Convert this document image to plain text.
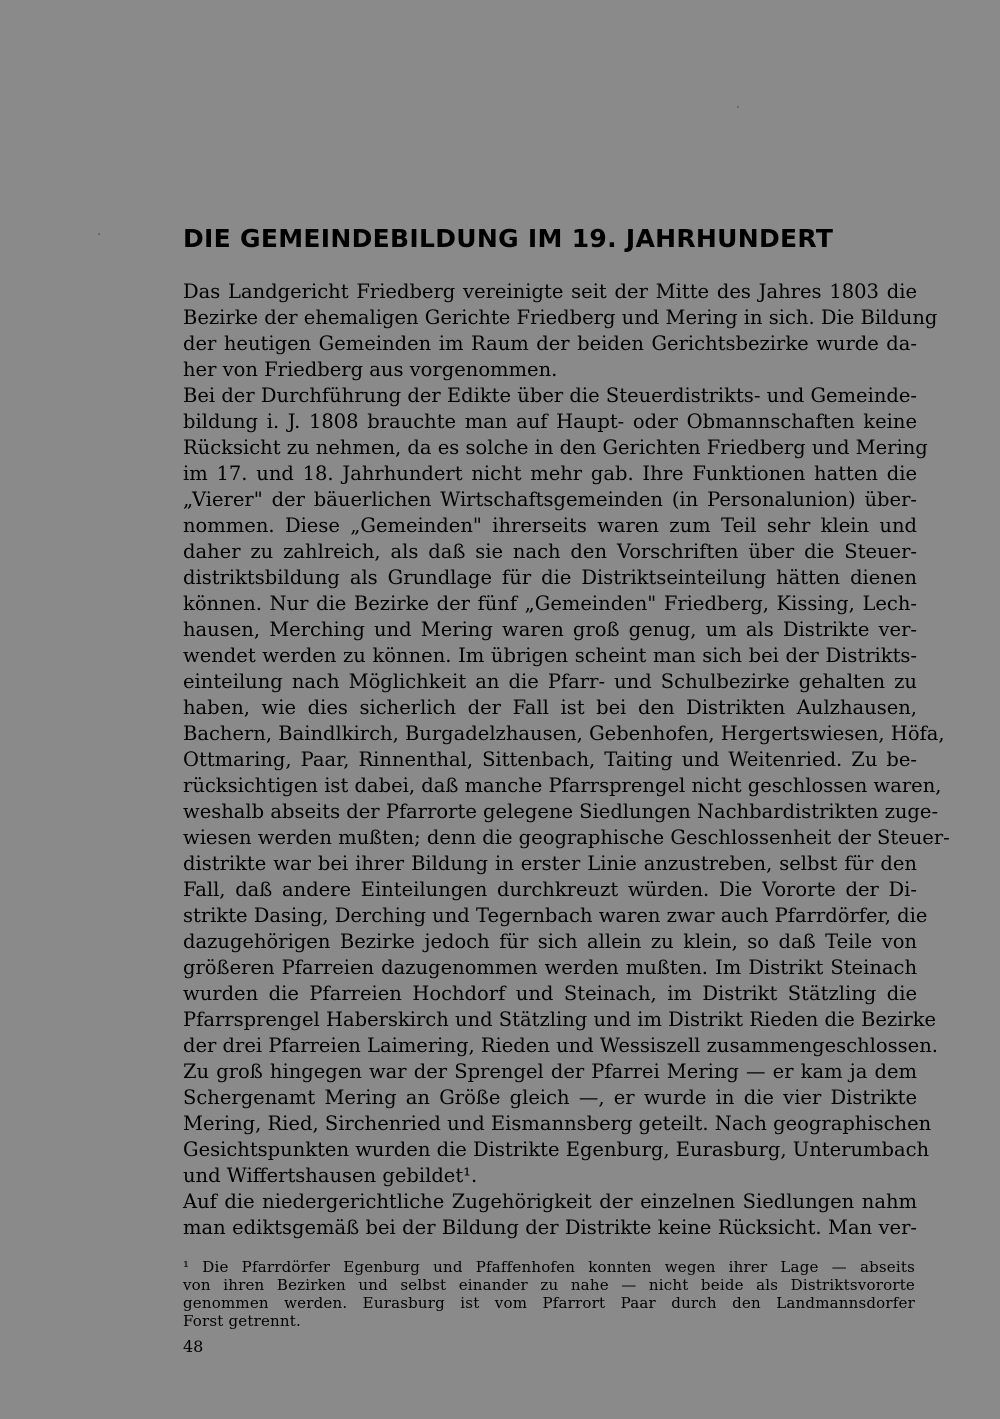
DIE GEMEINDEBILDUNG IM 19. JAHRHUNDERT
Das Landgericht Friedberg vereinigte seit der Mitte des Jahres 1803 die
Bezirke der ehemaligen Gerichte Friedberg und Mering in sich. Die Bildung
der heutigen Gemeinden im Raum der beiden Gerichtsbezirke wurde da-
her von Friedberg aus vorgenommen.
Bei der Durchführung der Edikte über die Steuerdistrikts- und Gemeinde-
bildung i. J. 1808 brauchte man auf Haupt- oder Obmannschaften keine
Rücksicht zu nehmen, da es solche in den Gerichten Friedberg und Mering
im 17. und 18. Jahrhundert nicht mehr gab. Ihre Funktionen hatten die
„Vierer" der bäuerlichen Wirtschaftsgemeinden (in Personalunion) über-
nommen. Diese „Gemeinden" ihrerseits waren zum Teil sehr klein und
daher zu zahlreich, als daß sie nach den Vorschriften über die Steuer-
distriktsbildung als Grundlage für die Distriktseinteilung hätten dienen
können. Nur die Bezirke der fünf „Gemeinden" Friedberg, Kissing, Lech-
hausen, Merching und Mering waren groß genug, um als Distrikte ver-
wendet werden zu können. Im übrigen scheint man sich bei der Distrikts-
einteilung nach Möglichkeit an die Pfarr- und Schulbezirke gehalten zu
haben, wie dies sicherlich der Fall ist bei den Distrikten Aulzhausen,
Bachern, Baindlkirch, Burgadelzhausen, Gebenhofen, Hergertswiesen, Höfa,
Ottmaring, Paar, Rinnenthal, Sittenbach, Taiting und Weitenried. Zu be-
rücksichtigen ist dabei, daß manche Pfarrsprengel nicht geschlossen waren,
weshalb abseits der Pfarrorte gelegene Siedlungen Nachbardistrikten zuge-
wiesen werden mußten; denn die geographische Geschlossenheit der Steuer-
distrikte war bei ihrer Bildung in erster Linie anzustreben, selbst für den
Fall, daß andere Einteilungen durchkreuzt würden. Die Vororte der Di-
strikte Dasing, Derching und Tegernbach waren zwar auch Pfarrdörfer, die
dazugehörigen Bezirke jedoch für sich allein zu klein, so daß Teile von
größeren Pfarreien dazugenommen werden mußten. Im Distrikt Steinach
wurden die Pfarreien Hochdorf und Steinach, im Distrikt Stätzling die
Pfarrsprengel Haberskirch und Stätzling und im Distrikt Rieden die Bezirke
der drei Pfarreien Laimering, Rieden und Wessiszell zusammengeschlossen.
Zu groß hingegen war der Sprengel der Pfarrei Mering — er kam ja dem
Schergenamt Mering an Größe gleich —, er wurde in die vier Distrikte
Mering, Ried, Sirchenried und Eismannsberg geteilt. Nach geographischen
Gesichtspunkten wurden die Distrikte Egenburg, Eurasburg, Unterumbach
und Wiffertshausen gebildet¹.
Auf die niedergerichtliche Zugehörigkeit der einzelnen Siedlungen nahm
man ediktsgemäß bei der Bildung der Distrikte keine Rücksicht. Man ver-
¹ Die Pfarrdörfer Egenburg und Pfaffenhofen konnten wegen ihrer Lage — abseits
von ihren Bezirken und selbst einander zu nahe — nicht beide als Distriktsvororte
genommen werden. Eurasburg ist vom Pfarrort Paar durch den Landmannsdorfer
Forst getrennt.
48
